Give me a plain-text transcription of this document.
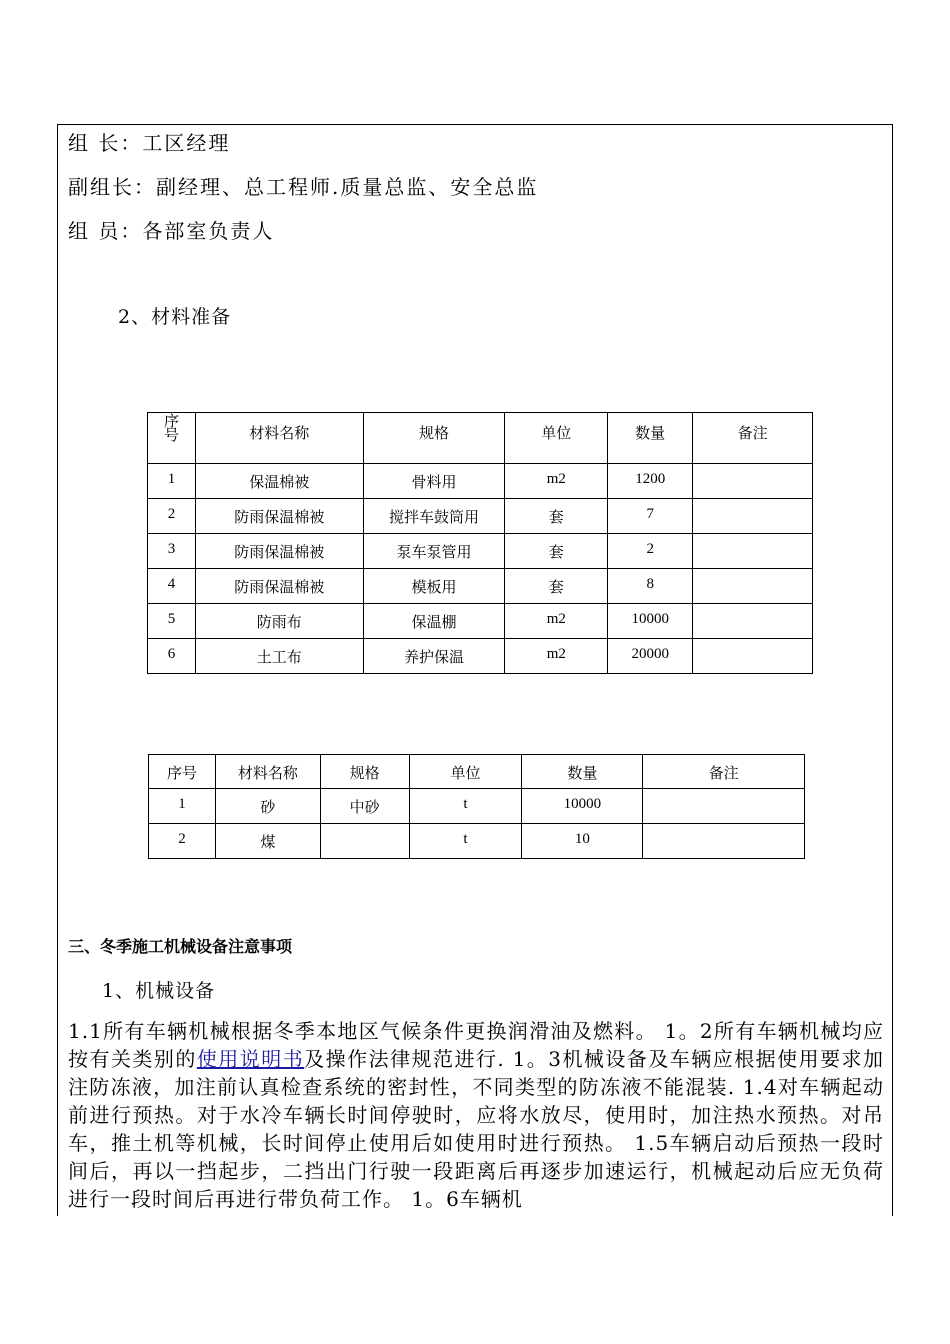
组 长：工区经理
副组长：副经理、总工程师.质量总监、安全总监
组 员：各部室负责人
2、材料准备
序号	材料名称	规格	单位	数量	备注
1	保温棉被	骨料用	m2	1200	
2	防雨保温棉被	搅拌车鼓筒用	套	7	
3	防雨保温棉被	泵车泵管用	套	2	
4	防雨保温棉被	模板用	套	8	
5	防雨布	保温棚	m2	10000	
6	土工布	养护保温	m2	20000	
序号	材料名称	规格	单位	数量	备注
1	砂	中砂	t	10000	
2	煤		t	10	
三、冬季施工机械设备注意事项
1、机械设备
1.1所有车辆机械根据冬季本地区气候条件更换润滑油及燃料。 1。2所有车辆机械均应按有关类别的使用说明书及操作法律规范进行. 1。3机械设备及车辆应根据使用要求加注防冻液，加注前认真检查系统的密封性，不同类型的防冻液不能混装. 1.4对车辆起动前进行预热。对于水冷车辆长时间停驶时，应将水放尽，使用时，加注热水预热。对吊车，推土机等机械，长时间停止使用后如使用时进行预热。 1.5车辆启动后预热一段时间后，再以一挡起步，二挡出门行驶一段距离后再逐步加速运行，机械起动后应无负荷进行一段时间后再进行带负荷工作。 1。6车辆机
